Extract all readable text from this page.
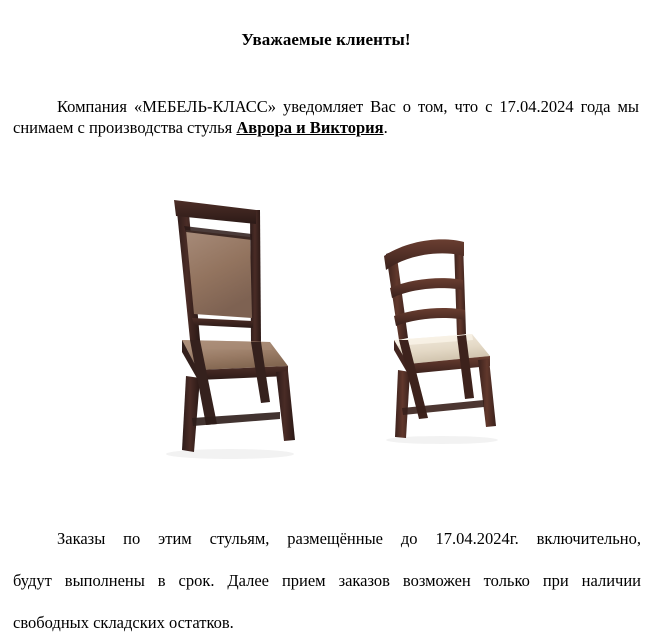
Уважаемые клиенты!
Компания «МЕБЕЛЬ-КЛАСС» уведомляет Вас о том, что с 17.04.2024 года мы снимаем с производства стулья Аврора и Виктория.
Заказы по этим стульям, размещённые до 17.04.2024г. включительно,
будут выполнены в срок. Далее прием заказов возможен только при наличии
свободных складских остатков.
